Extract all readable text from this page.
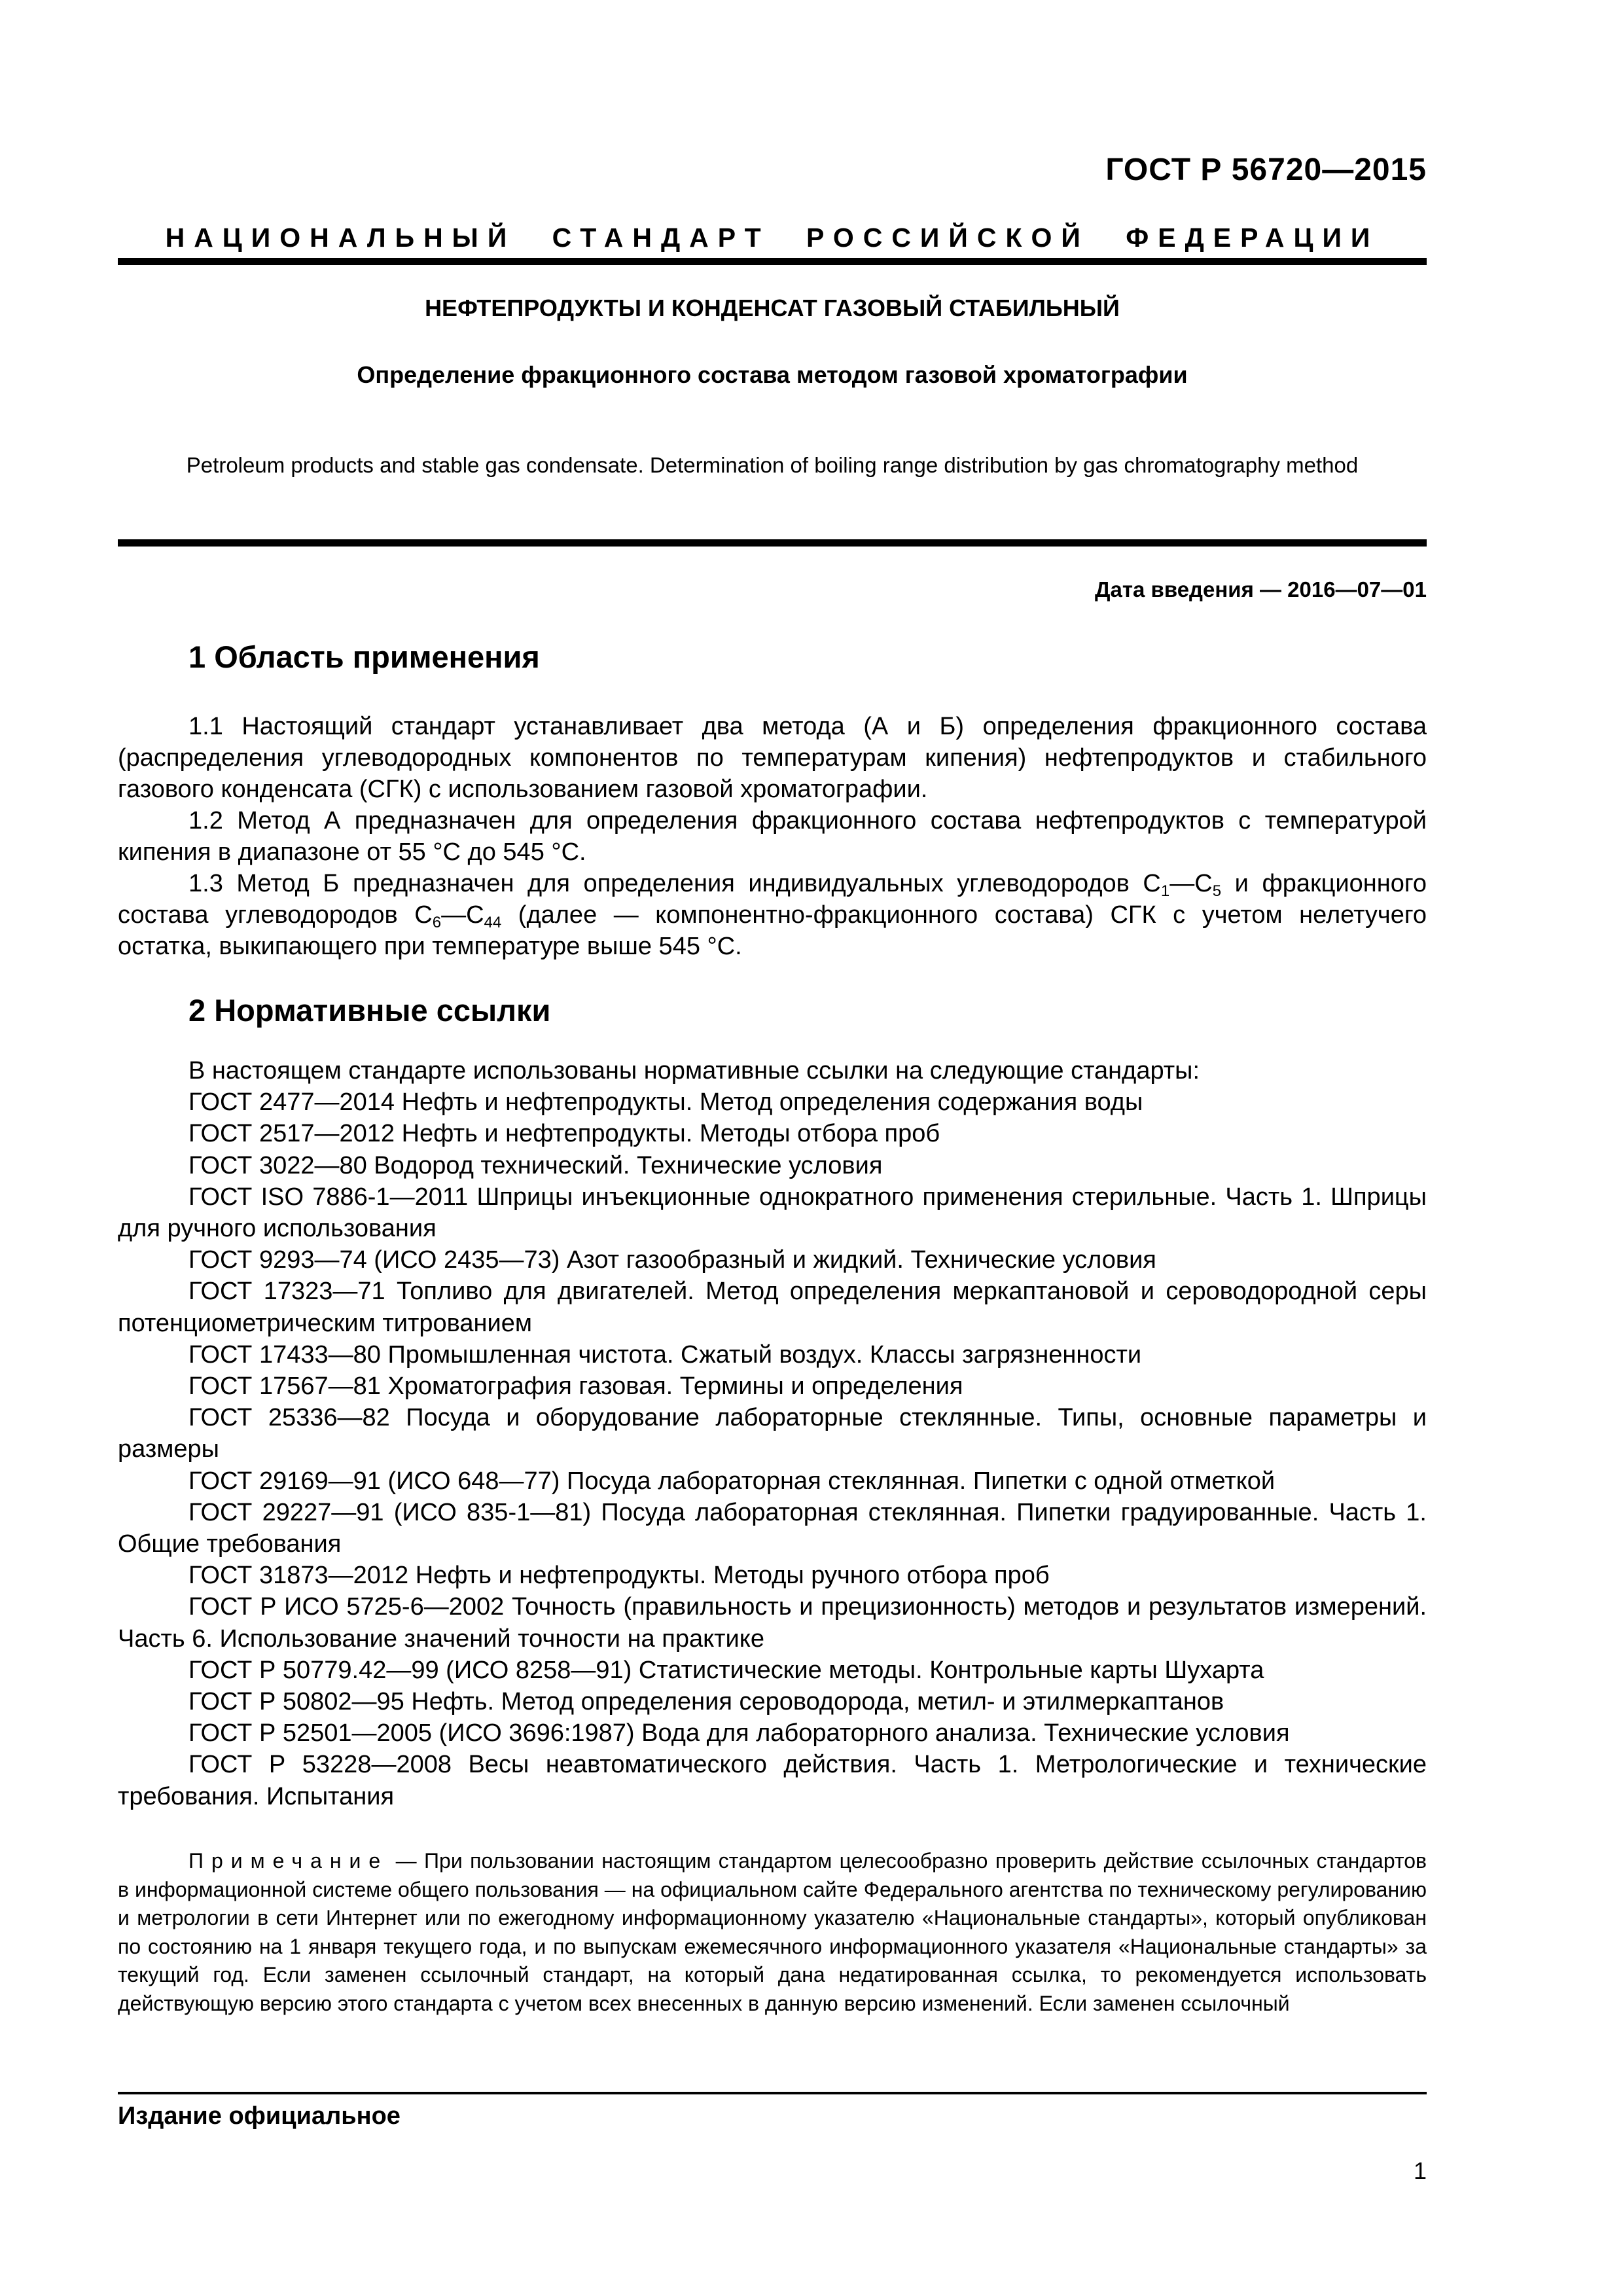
ГОСТ Р 56720—2015
НАЦИОНАЛЬНЫЙ СТАНДАРТ РОССИЙСКОЙ ФЕДЕРАЦИИ
НЕФТЕПРОДУКТЫ И КОНДЕНСАТ ГАЗОВЫЙ СТАБИЛЬНЫЙ
Определение фракционного состава методом газовой хроматографии
Petroleum products and stable gas condensate. Determination of boiling range distribution by gas chromatography method
Дата введения — 2016—07—01
1 Область применения

1.1 Настоящий стандарт устанавливает два метода (А и Б) определения фракционного состава (распределения углеводородных компонентов по температурам кипения) нефтепродуктов и стабильного газового конденсата (СГК) с использованием газовой хроматографии.

1.2 Метод А предназначен для определения фракционного состава нефтепродуктов с температурой кипения в диапазоне от 55 °С до 545 °С.

1.3 Метод Б предназначен для определения индивидуальных углеводородов $С_1—С_5$ и фракционного состава углеводородов $С_6—С_{44}$ (далее — компонентно-фракционного состава) СГК с учетом нелетучего остатка, выкипающего при температуре выше 545 °С.

2 Нормативные ссылки

В настоящем стандарте использованы нормативные ссылки на следующие стандарты:

ГОСТ 2477—2014 Нефть и нефтепродукты. Метод определения содержания воды

ГОСТ 2517—2012 Нефть и нефтепродукты. Методы отбора проб

ГОСТ 3022—80 Водород технический. Технические условия

ГОСТ ISO 7886-1—2011 Шприцы инъекционные однократного применения стерильные. Часть 1. Шприцы для ручного использования

ГОСТ 9293—74 (ИСО 2435—73) Азот газообразный и жидкий. Технические условия

ГОСТ 17323—71 Топливо для двигателей. Метод определения меркаптановой и сероводородной серы потенциометрическим титрованием

ГОСТ 17433—80 Промышленная чистота. Сжатый воздух. Классы загрязненности

ГОСТ 17567—81 Хроматография газовая. Термины и определения

ГОСТ 25336—82 Посуда и оборудование лабораторные стеклянные. Типы, основные параметры и размеры

ГОСТ 29169—91 (ИСО 648—77) Посуда лабораторная стеклянная. Пипетки с одной отметкой

ГОСТ 29227—91 (ИСО 835-1—81) Посуда лабораторная стеклянная. Пипетки градуированные. Часть 1. Общие требования

ГОСТ 31873—2012 Нефть и нефтепродукты. Методы ручного отбора проб

ГОСТ Р ИСО 5725-6—2002 Точность (правильность и прецизионность) методов и результатов измерений. Часть 6. Использование значений точности на практике

ГОСТ Р 50779.42—99 (ИСО 8258—91) Статистические методы. Контрольные карты Шухарта

ГОСТ Р 50802—95 Нефть. Метод определения сероводорода, метил- и этилмеркаптанов

ГОСТ Р 52501—2005 (ИСО 3696:1987) Вода для лабораторного анализа. Технические условия

ГОСТ Р 53228—2008 Весы неавтоматического действия. Часть 1. Метрологические и технические требования. Испытания

Примечание — При пользовании настоящим стандартом целесообразно проверить действие ссылочных стандартов в информационной системе общего пользования — на официальном сайте Федерального агентства по техническому регулированию и метрологии в сети Интернет или по ежегодному информационному указателю «Национальные стандарты», который опубликован по состоянию на 1 января текущего года, и по выпускам ежемесячного информационного указателя «Национальные стандарты» за текущий год. Если заменен ссылочный стандарт, на который дана недатированная ссылка, то рекомендуется использовать действующую версию этого стандарта с учетом всех внесенных в данную версию изменений. Если заменен ссылочный
Издание официальное
1
